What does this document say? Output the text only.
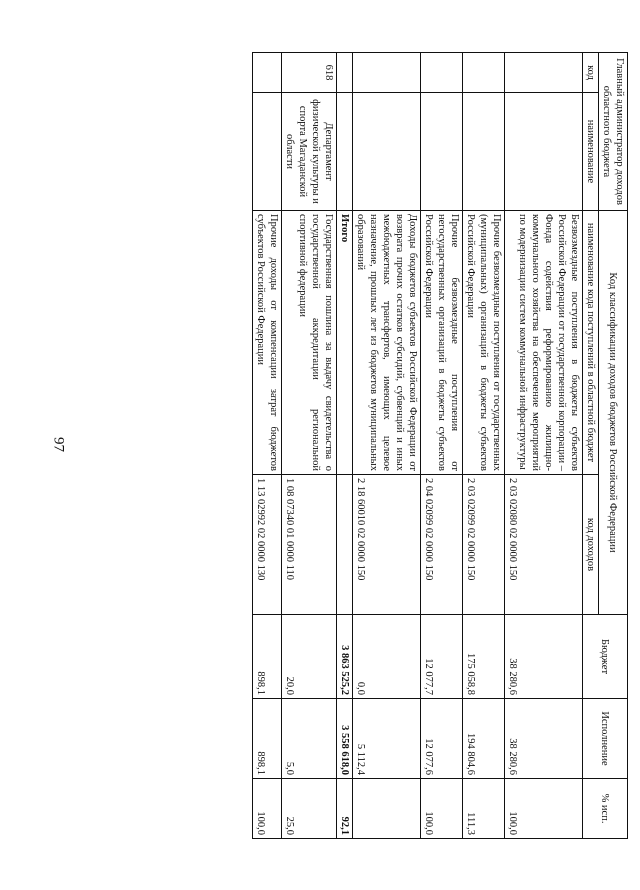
97
Главный администратор доходов областного бюджета		Код классификации доходов бюджетов Российской Федерации		Бюджет	Исполнение	% исп.
код	наименование	наименование кода поступлений в областной бюджет	код доходов			
		Безвозмездные поступления в бюджеты субъектов Российской Федерации от государственной корпорации – Фонда содействия реформированию жилищно-коммунального хозяйства на обеспечение мероприятий по модернизации систем коммунальной инфраструктуры	2 03 02080 02 0000 150	38 280,6	38 280,6	100,0
		Прочие безвозмездные поступления от государственных (муниципальных) организаций в бюджеты субъектов Российской Федерации	2 03 02099 02 0000 150	175 058,8	194 804,6	111,3
		Прочие безвозмездные поступления от негосударственных организаций в бюджеты субъектов Российской Федерации	2 04 02099 02 0000 150	12 077,7	12 077,6	100,0
		Доходы бюджетов субъектов Российской Федерации от возврата прочих остатков субсидий, субвенций и иных межбюджетных трансфертов, имеющих целевое назначение, прошлых лет из бюджетов муниципальных образований	2 18 60010 02 0000 150	0,0	5 112,4	
		Итого		3 863 525,2	3 558 618,0	92,1
618	Департамент физической культуры и спорта Магаданской области	Государственная пошлина за выдачу свидетельства о государственной аккредитации региональной спортивной федерации	1 08 07340 01 0000 110	20,0	5,0	25,0
		Прочие доходы от компенсации затрат бюджетов субъектов Российской Федерации	1 13 02992 02 0000 130	898,1	898,1	100,0
